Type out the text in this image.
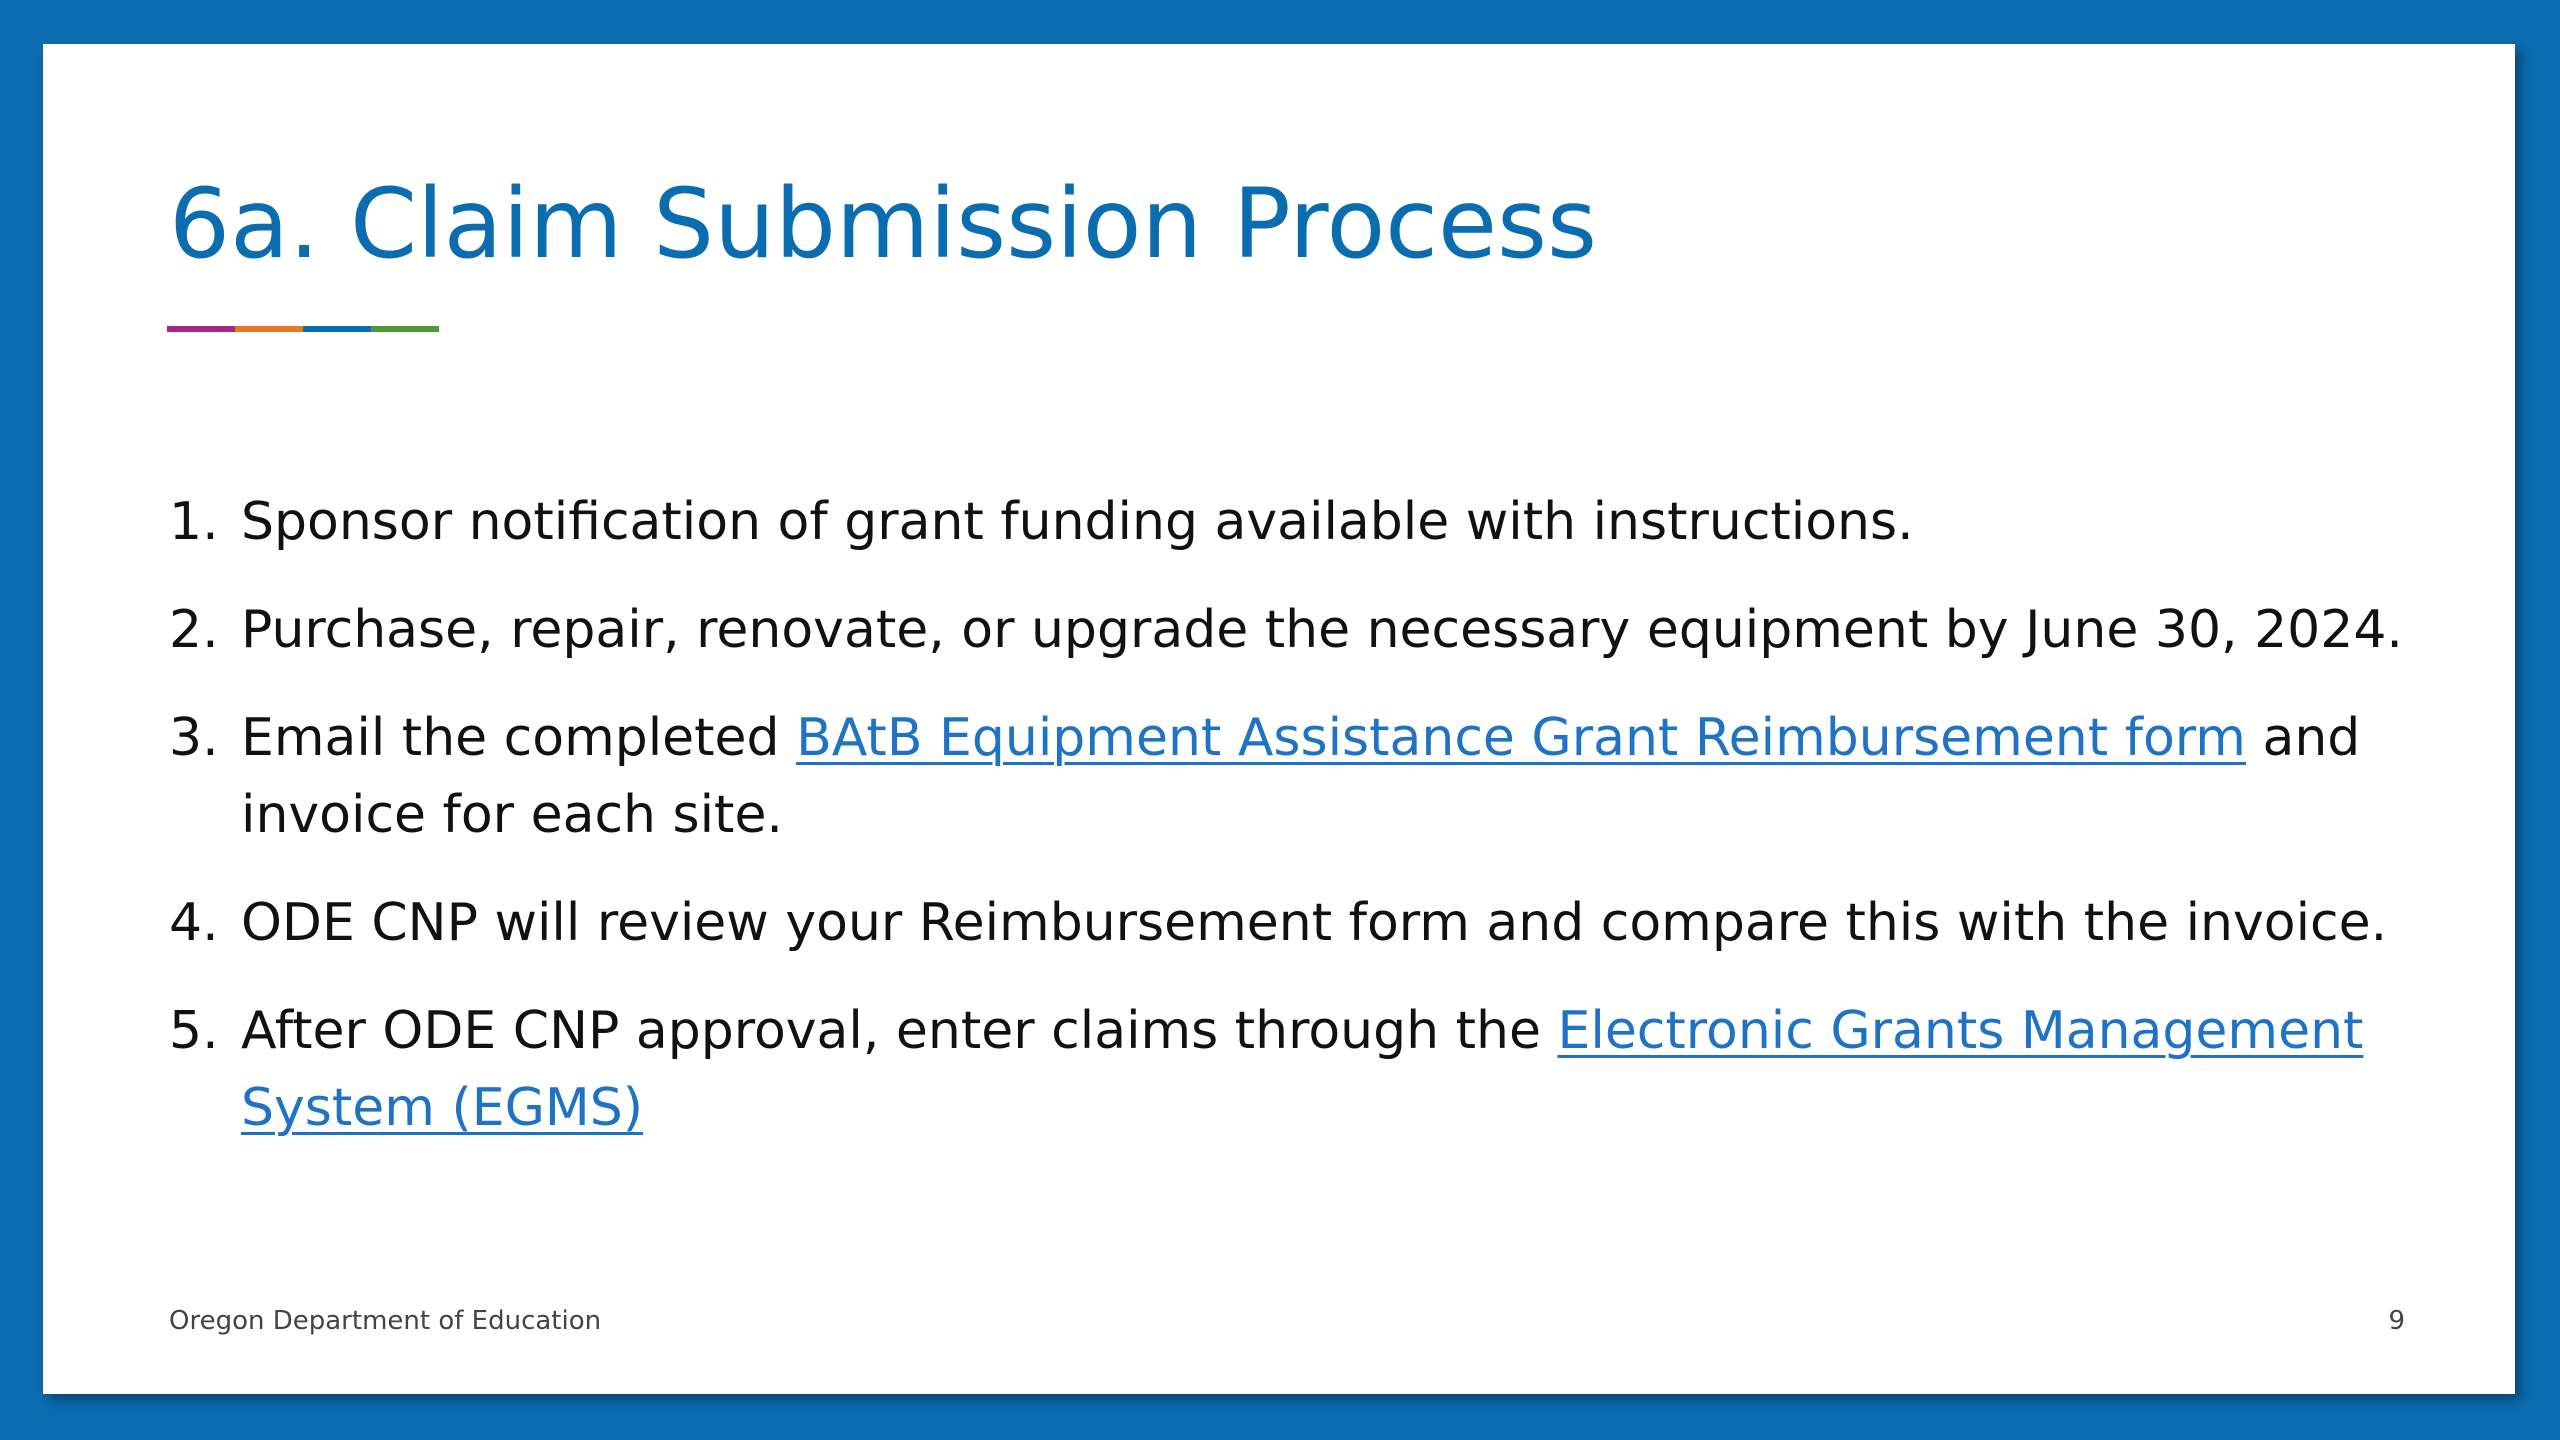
6a. Claim Submission Process
1. Sponsor notification of grant funding available with instructions.
2. Purchase, repair, renovate, or upgrade the necessary equipment by June 30, 2024.
3. Email the completed BAtB Equipment Assistance Grant Reimbursement form and invoice for each site.
4. ODE CNP will review your Reimbursement form and compare this with the invoice.
5. After ODE CNP approval, enter claims through the Electronic Grants Management System (EGMS)
Oregon Department of Education	9
